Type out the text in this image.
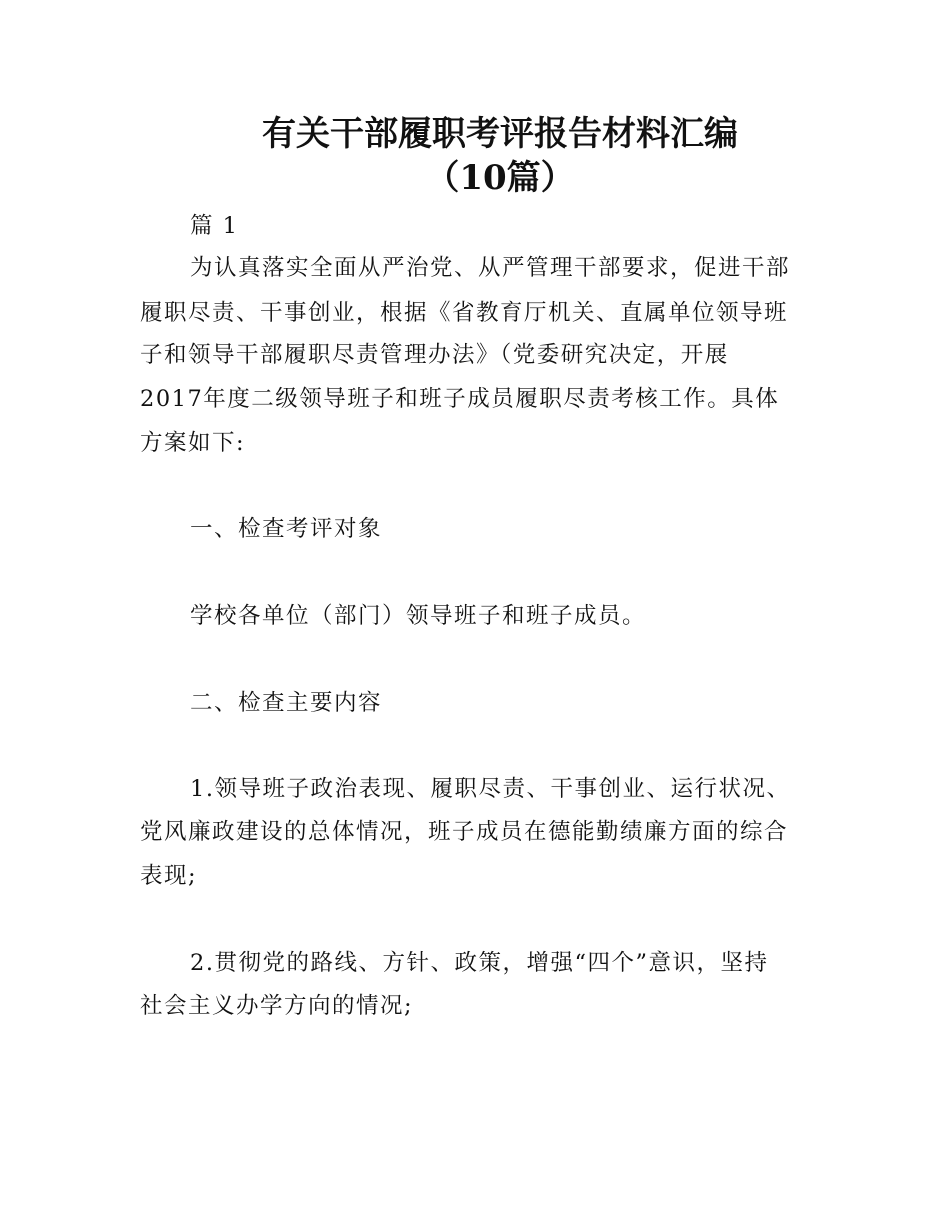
有关干部履职考评报告材料汇编
（10篇）
篇 1
为认真落实全面从严治党、从严管理干部要求，促进干部
履职尽责、干事创业，根据《省教育厅机关、直属单位领导班
子和领导干部履职尽责管理办法》（党委研究决定，开展
2017年度二级领导班子和班子成员履职尽责考核工作。具体
方案如下:
一、检查考评对象
学校各单位（部门）领导班子和班子成员。
二、检查主要内容
1.领导班子政治表现、履职尽责、干事创业、运行状况、
党风廉政建设的总体情况，班子成员在德能勤绩廉方面的综合
表现;
2.贯彻党的路线、方针、政策，增强“四个”意识，坚持
社会主义办学方向的情况;
